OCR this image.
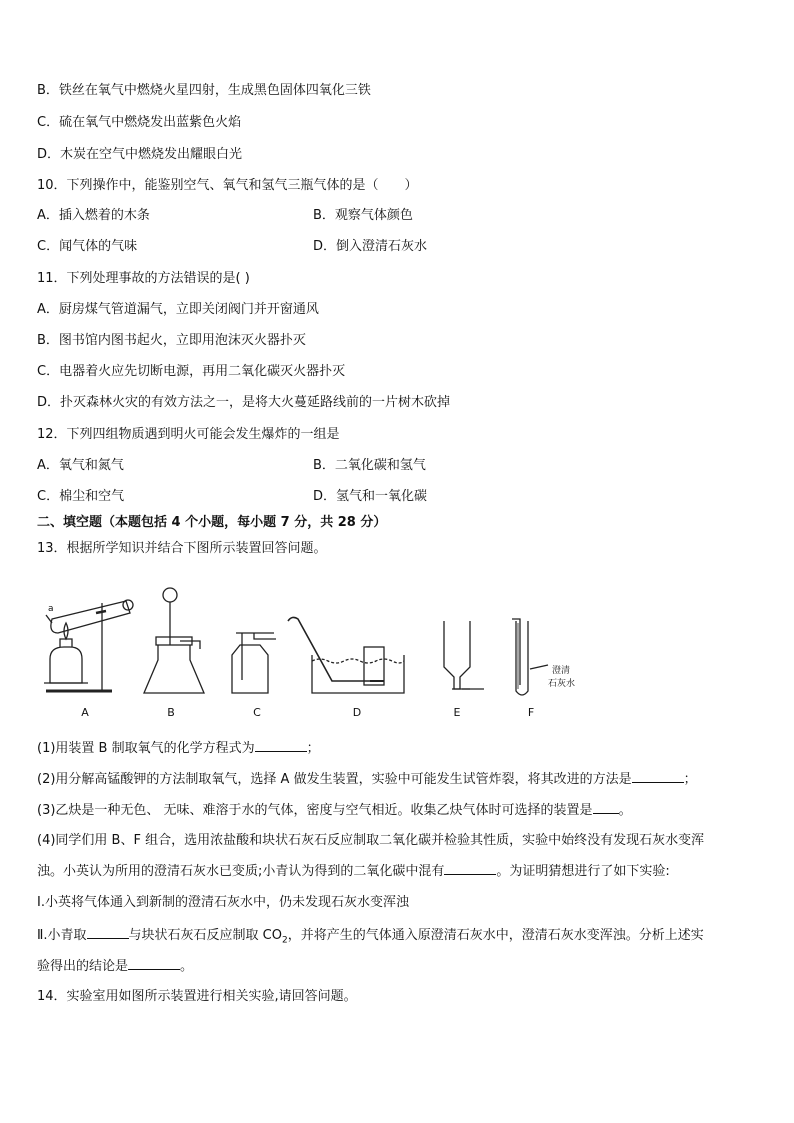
B．铁丝在氧气中燃烧火星四射，生成黑色固体四氧化三铁
C．硫在氧气中燃烧发出蓝紫色火焰
D．木炭在空气中燃烧发出耀眼白光
10．下列操作中，能鉴别空气、氧气和氢气三瓶气体的是（　　）
A．插入燃着的木条	B．观察气体颜色
C．闻气体的气味	D．倒入澄清石灰水
11．下列处理事故的方法错误的是( )
A．厨房煤气管道漏气，立即关闭阀门并开窗通风
B．图书馆内图书起火，立即用泡沫灭火器扑灭
C．电器着火应先切断电源，再用二氧化碳灭火器扑灭
D．扑灭森林火灾的有效方法之一，是将大火蔓延路线前的一片树木砍掉
12．下列四组物质遇到明火可能会发生爆炸的一组是
A．氧气和氮气	B．二氧化碳和氢气
C．棉尘和空气	D．氢气和一氧化碳
二、填空题（本题包括 4 个小题，每小题 7 分，共 28 分）
13．根据所学知识并结合下图所示装置回答问题。
a
澄清
石灰水
A	B	C	D	E	F
(1)用装置 B 制取氧气的化学方程式为	；
(2)用分解高锰酸钾的方法制取氧气，选择 A 做发生装置，实验中可能发生试管炸裂，将其改进的方法是	；
(3)乙炔是一种无色、 无味、难溶于水的气体，密度与空气相近。收集乙炔气体时可选择的装置是 。
(4)同学们用 B、F 组合，选用浓盐酸和块状石灰石反应制取二氧化碳并检验其性质，实验中始终没有发现石灰水变浑
浊。小英认为所用的澄清石灰水已变质;小青认为得到的二氧化碳中混有	。为证明猜想进行了如下实验:
Ⅰ.小英将气体通入到新制的澄清石灰水中，仍未发现石灰水变浑浊
Ⅱ.小青取	与块状石灰石反应制取 $CO_2$，并将产生的气体通入原澄清石灰水中，澄清石灰水变浑浊。分析上述实
验得出的结论是	。
14．实验室用如图所示装置进行相关实验,请回答问题。
